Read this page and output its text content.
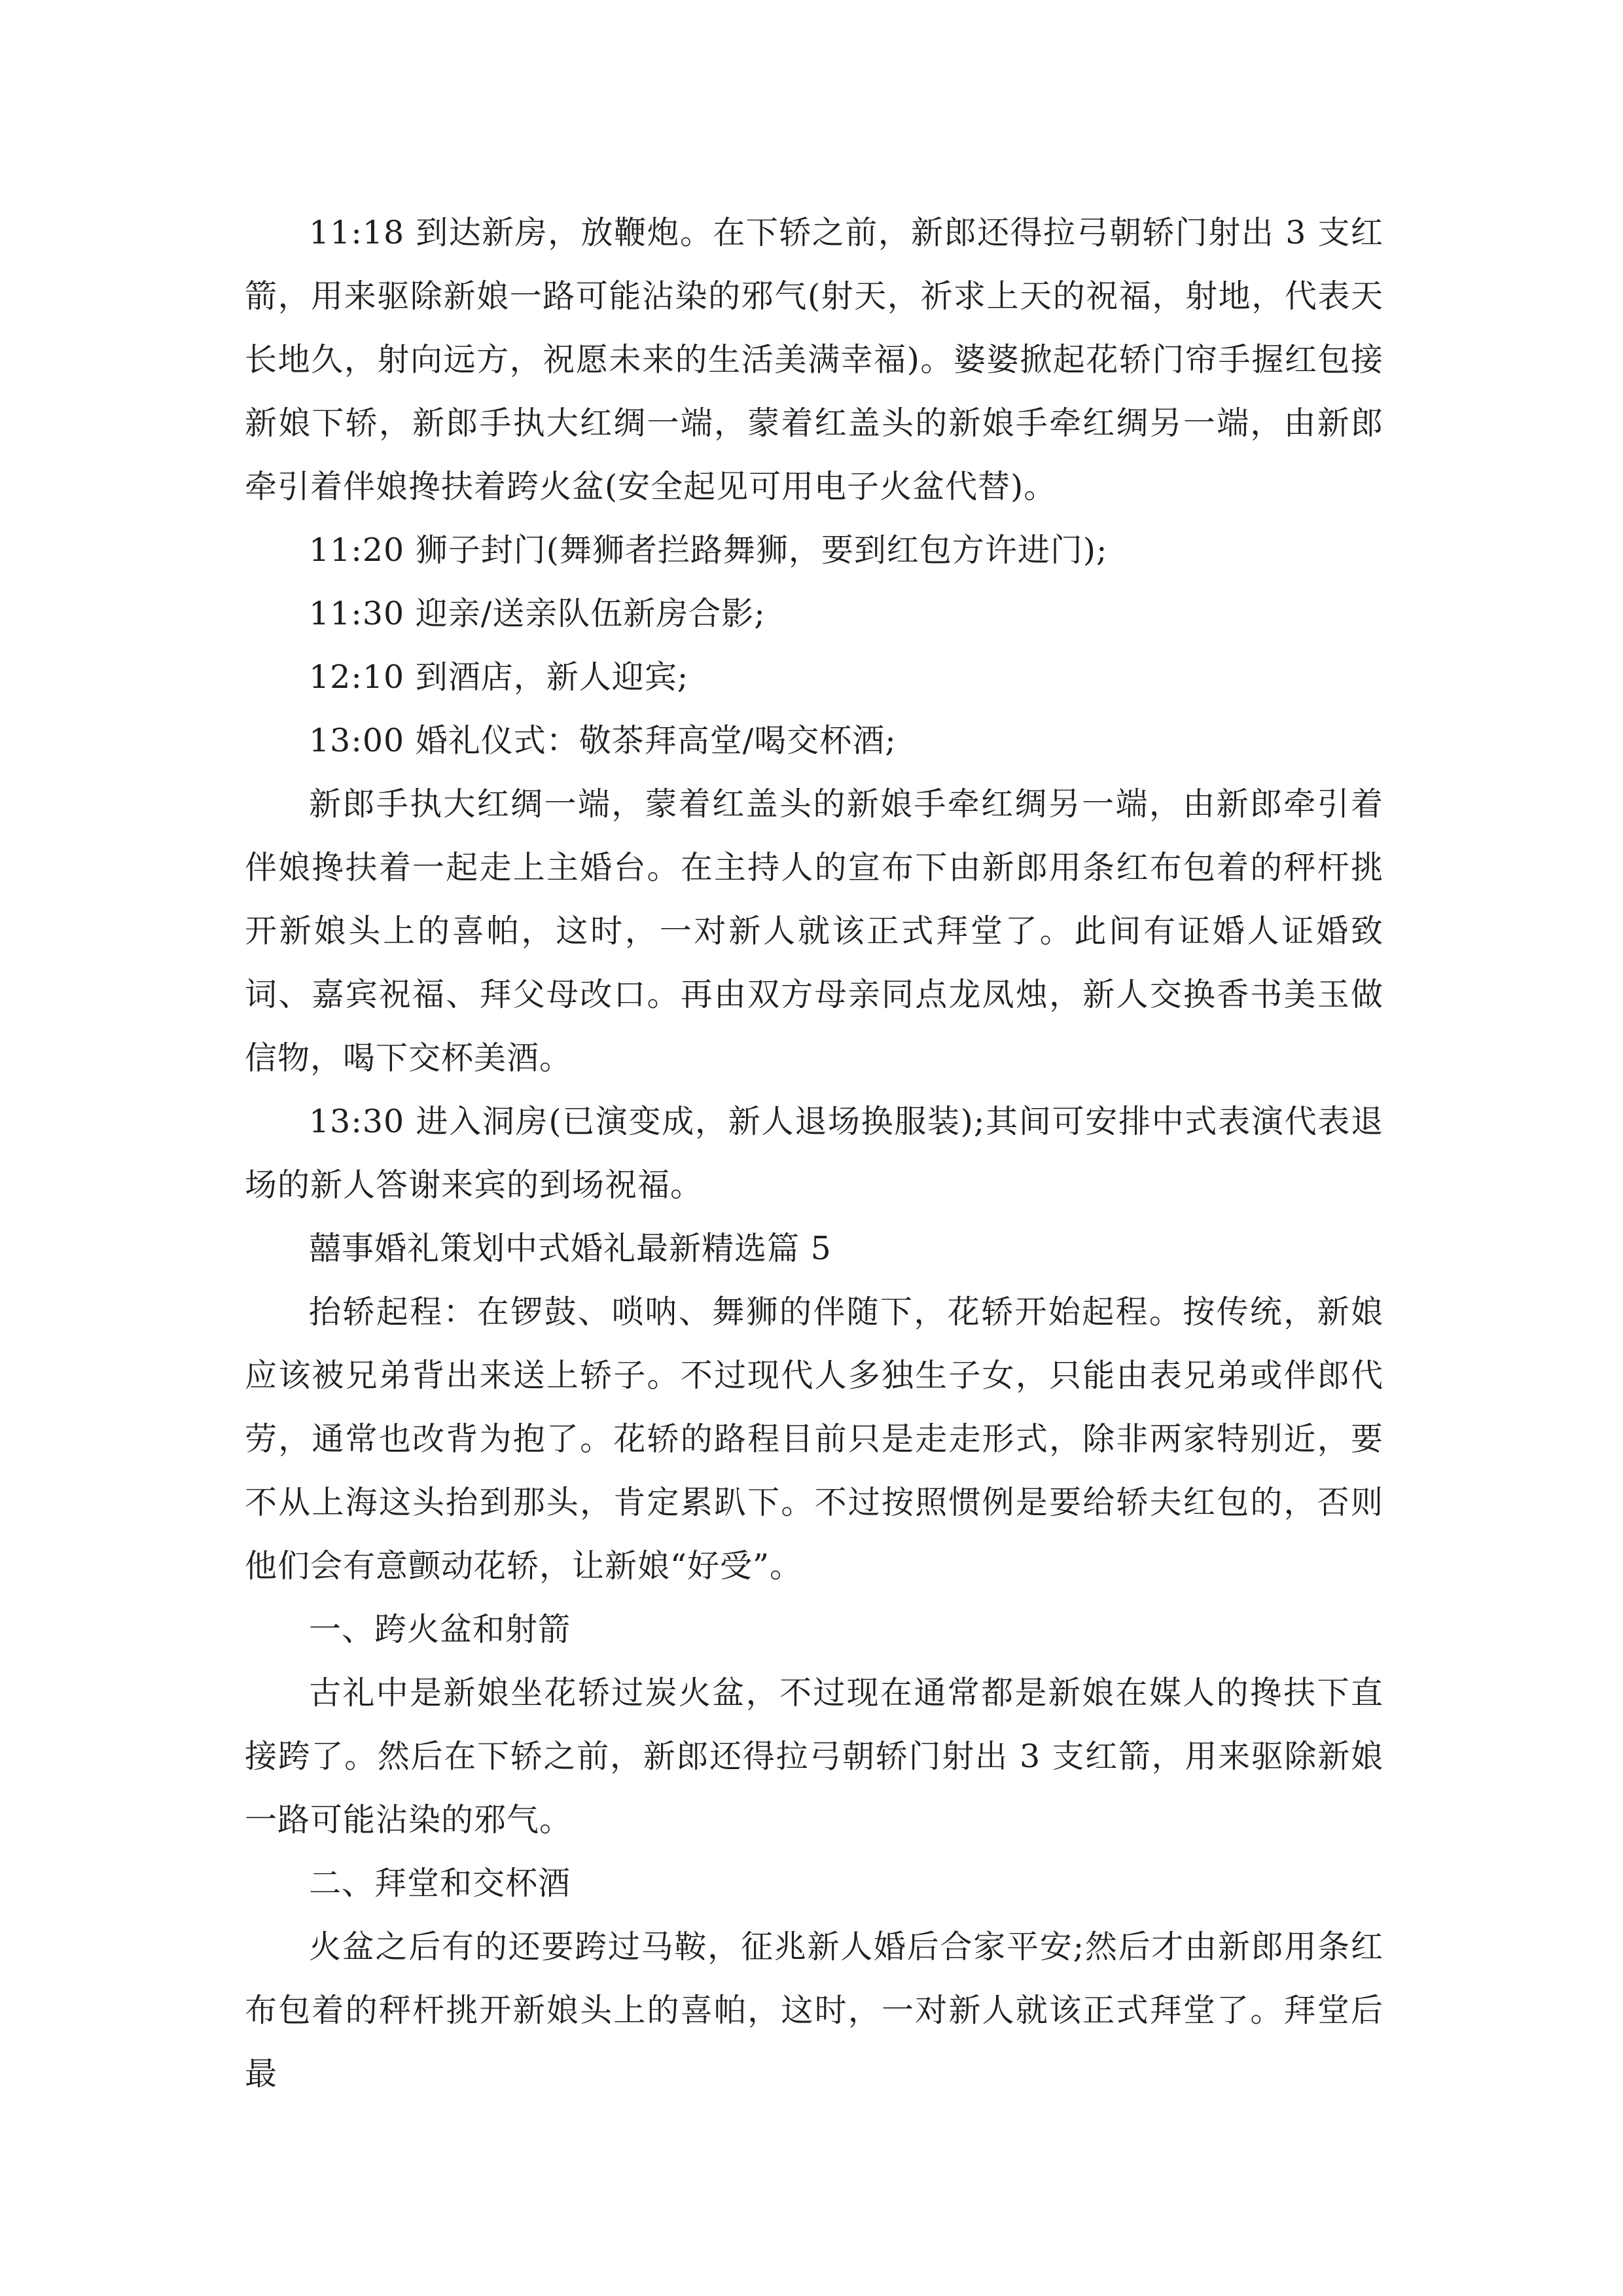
11:18 到达新房，放鞭炮。在下轿之前，新郎还得拉弓朝轿门射出 3 支红箭，用来驱除新娘一路可能沾染的邪气(射天，祈求上天的祝福，射地，代表天长地久，射向远方，祝愿未来的生活美满幸福)。婆婆掀起花轿门帘手握红包接新娘下轿，新郎手执大红绸一端，蒙着红盖头的新娘手牵红绸另一端，由新郎牵引着伴娘搀扶着跨火盆(安全起见可用电子火盆代替)。

11:20 狮子封门(舞狮者拦路舞狮，要到红包方许进门);

11:30 迎亲/送亲队伍新房合影;

12:10 到酒店，新人迎宾;

13:00 婚礼仪式：敬茶拜高堂/喝交杯酒;

新郎手执大红绸一端，蒙着红盖头的新娘手牵红绸另一端，由新郎牵引着伴娘搀扶着一起走上主婚台。在主持人的宣布下由新郎用条红布包着的秤杆挑开新娘头上的喜帕，这时，一对新人就该正式拜堂了。此间有证婚人证婚致词、嘉宾祝福、拜父母改口。再由双方母亲同点龙凤烛，新人交换香书美玉做信物，喝下交杯美酒。

13:30 进入洞房(已演变成，新人退场换服装);其间可安排中式表演代表退场的新人答谢来宾的到场祝福。

囍事婚礼策划中式婚礼最新精选篇 5

抬轿起程：在锣鼓、唢呐、舞狮的伴随下，花轿开始起程。按传统，新娘应该被兄弟背出来送上轿子。不过现代人多独生子女，只能由表兄弟或伴郎代劳，通常也改背为抱了。花轿的路程目前只是走走形式，除非两家特别近，要不从上海这头抬到那头，肯定累趴下。不过按照惯例是要给轿夫红包的，否则他们会有意颤动花轿，让新娘“好受”。

一、跨火盆和射箭

古礼中是新娘坐花轿过炭火盆，不过现在通常都是新娘在媒人的搀扶下直接跨了。然后在下轿之前，新郎还得拉弓朝轿门射出 3 支红箭，用来驱除新娘一路可能沾染的邪气。

二、拜堂和交杯酒

火盆之后有的还要跨过马鞍，征兆新人婚后合家平安;然后才由新郎用条红布包着的秤杆挑开新娘头上的喜帕，这时，一对新人就该正式拜堂了。拜堂后最
